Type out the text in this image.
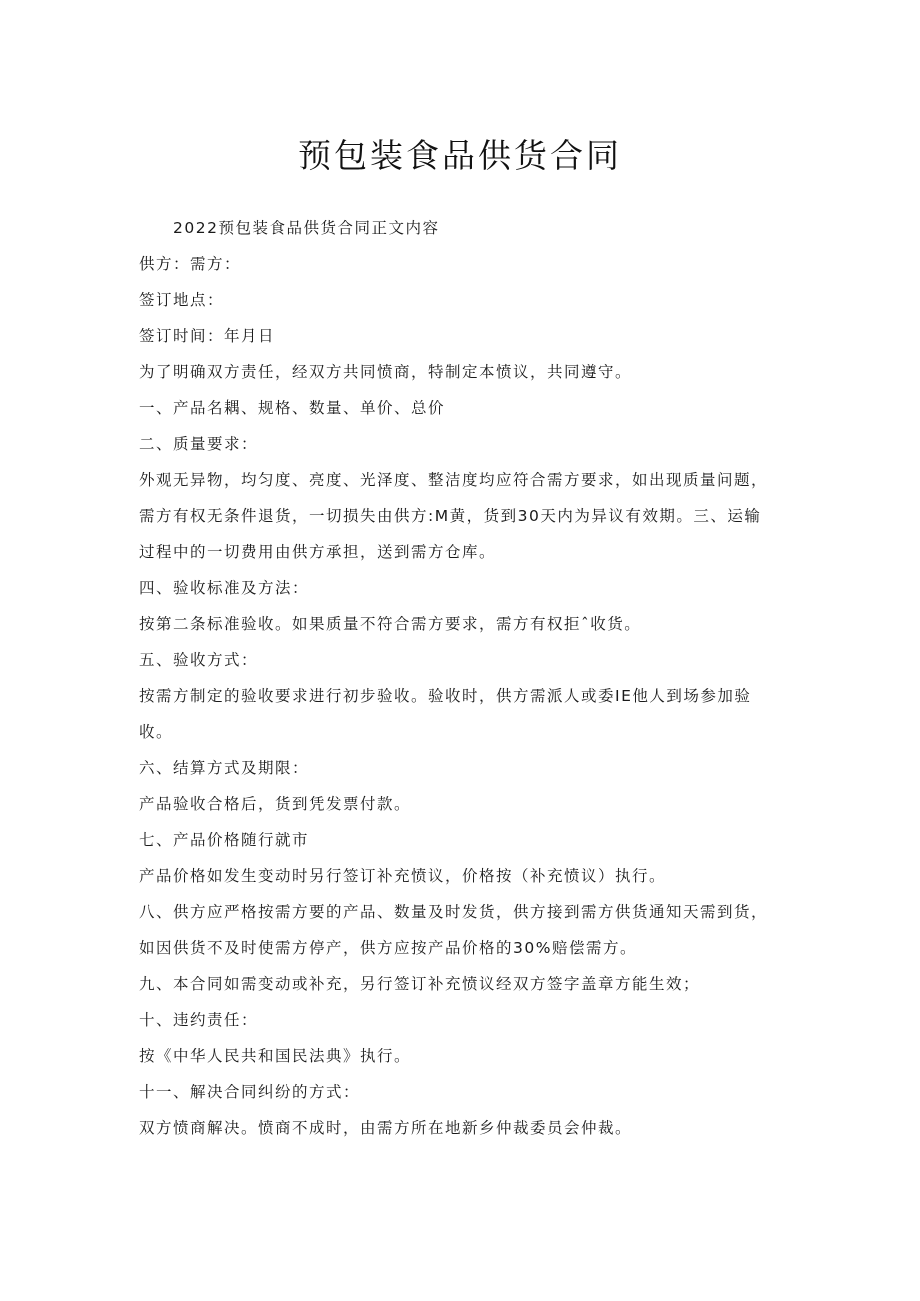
预包装食品供货合同
2022预包装食品供货合同正文内容
供方：需方：
签订地点：
签订时间：年月日
为了明确双方责任，经双方共同愤商，特制定本愤议，共同遵守。
一、产品名耦、规格、数量、单价、总价
二、质量要求：
外观无异物，均匀度、亮度、光泽度、整洁度均应符合需方要求，如出现质量问题，
需方有权无条件退货，一切损失由供方:M黄，货到30天内为异议有效期。三、运输
过程中的一切费用由供方承担，送到需方仓库。
四、验收标准及方法：
按第二条标准验收。如果质量不符合需方要求，需方有权拒ˆ收货。
五、验收方式：
按需方制定的验收要求进行初步验收。验收时，供方需派人或委IE他人到场参加验
收。
六、结算方式及期限：
产品验收合格后，货到凭发票付款。
七、产品价格随行就市
产品价格如发生变动时另行签订补充愤议，价格按（补充愤议）执行。
八、供方应严格按需方要的产品、数量及时发货，供方接到需方供货通知天需到货，
如因供货不及时使需方停产，供方应按产品价格的30%赔偿需方。
九、本合同如需变动或补充，另行签订补充愤议经双方签字盖章方能生效；
十、违约责任：
按《中华人民共和国民法典》执行。
十一、解决合同纠纷的方式：
双方愤商解决。愤商不成时，由需方所在地新乡仲裁委员会仲裁。
